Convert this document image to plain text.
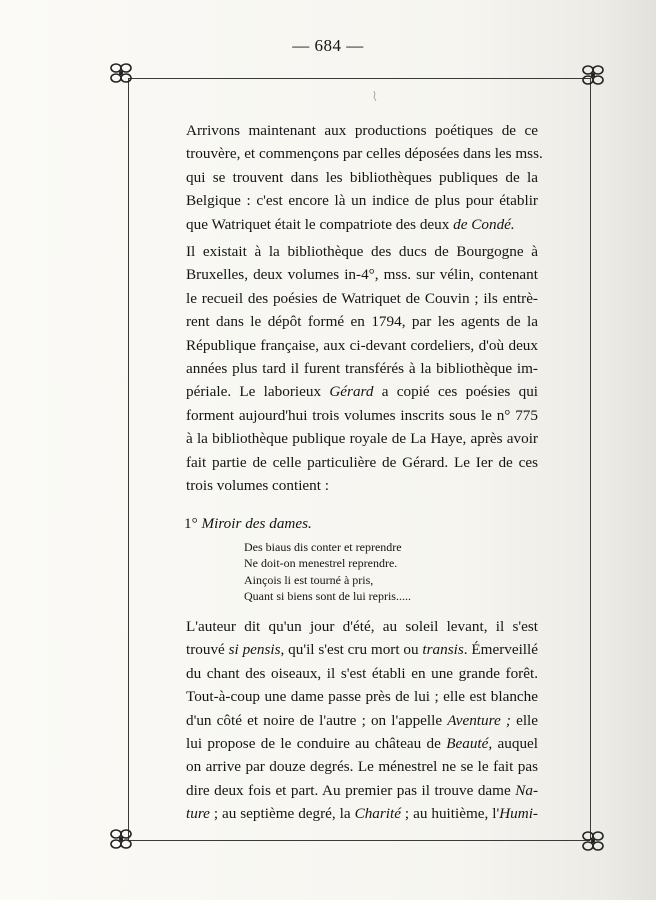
— 684 —

Arrivons maintenant aux productions poétiques de ce
trouvère, et commençons par celles déposées dans les mss.
qui se trouvent dans les bibliothèques publiques de la
Belgique : c'est encore là un indice de plus pour établir
que Watriquet était le compatriote des deux de Condé.

Il existait à la bibliothèque des ducs de Bourgogne à
Bruxelles, deux volumes in-4°, mss. sur vélin, contenant
le recueil des poésies de Watriquet de Couvin ; ils entrè-
rent dans le dépôt formé en 1794, par les agents de la
République française, aux ci-devant cordeliers, d'où deux
années plus tard il furent transférés à la bibliothèque im-
périale. Le laborieux Gérard a copié ces poésies qui
forment aujourd'hui trois volumes inscrits sous le n° 775
à la bibliothèque publique royale de La Haye, après avoir
fait partie de celle particulière de Gérard. Le Ier de ces
trois volumes contient :

1° Miroir des dames.
Des biaus dis conter et reprendre
Ne doit-on menestrel reprendre.
Ainçois li est tourné à pris,
Quant si biens sont de lui repris.....

L'auteur dit qu'un jour d'été, au soleil levant, il s'est
trouvé si pensis, qu'il s'est cru mort ou transis. Émerveillé
du chant des oiseaux, il s'est établi en une grande forêt.
Tout-à-coup une dame passe près de lui ; elle est blanche
d'un côté et noire de l'autre ; on l'appelle Aventure ; elle
lui propose de le conduire au château de Beauté, auquel
on arrive par douze degrés. Le ménestrel ne se le fait pas
dire deux fois et part. Au premier pas il trouve dame Na-
ture ; au septième degré, la Charité ; au huitième, l'Humi-
